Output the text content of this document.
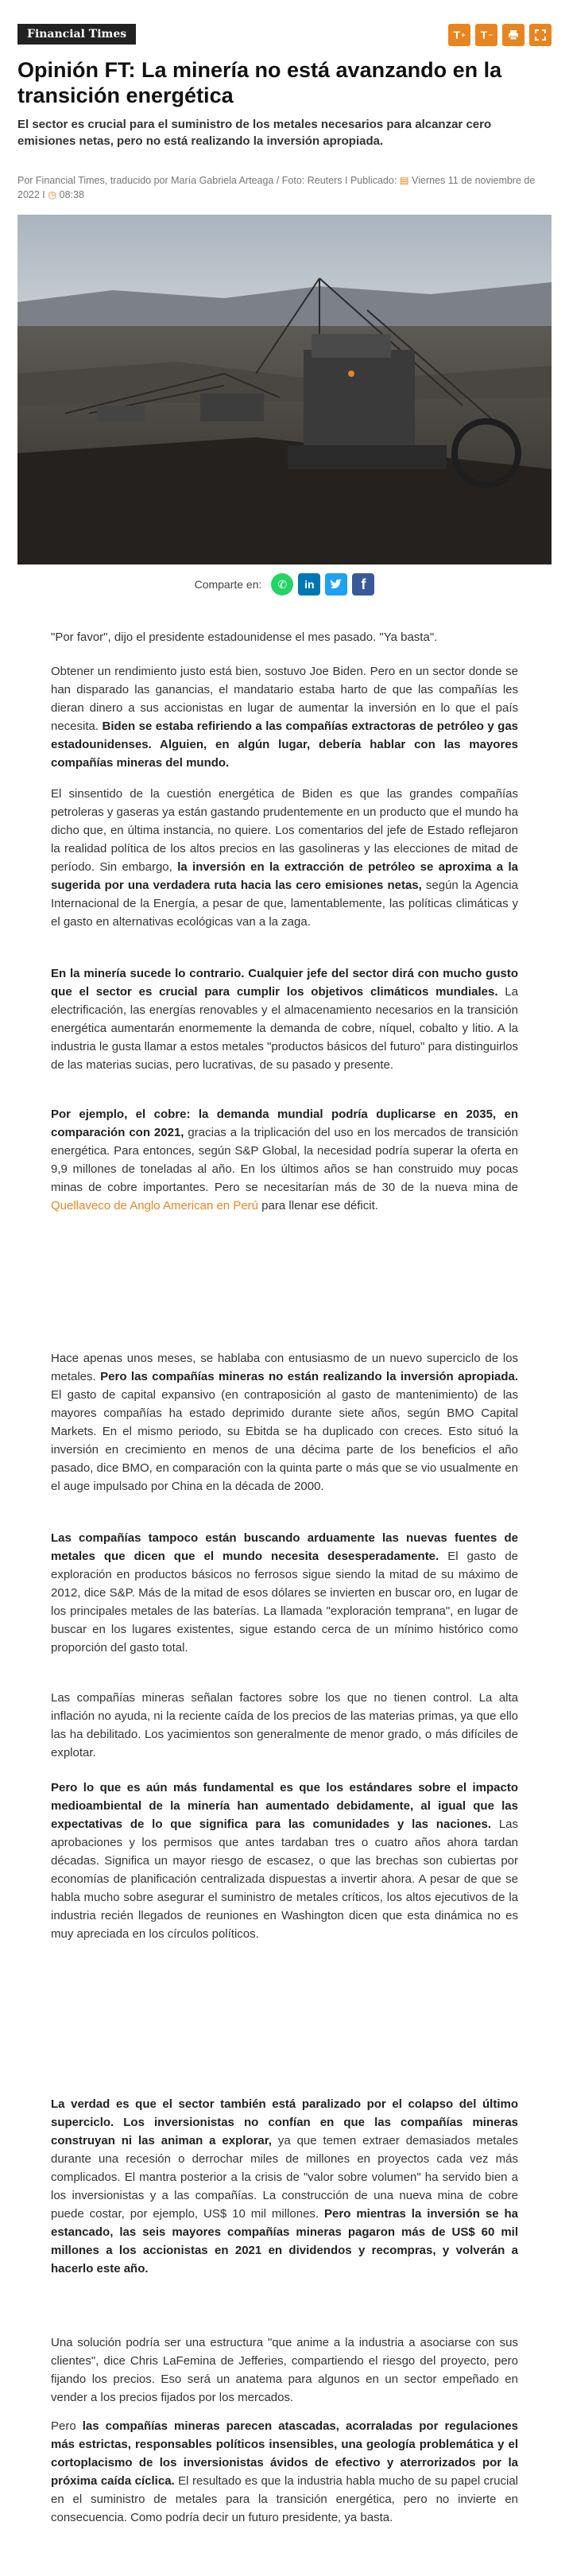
Financial Times	T + T −
Opinión FT: La minería no está avanzando en la transición energética

El sector es crucial para el suministro de los metales necesarios para alcanzar cero emisiones netas, pero no está realizando la inversión apropiada.

Por Financial Times, traducido por María Gabriela Arteaga / Foto: Reuters I Publicado: ▤ Viernes 11 de noviembre de 2022 I ◷ 08:38

Comparte en: ✆ in	f

"Por favor", dijo el presidente estadounidense el mes pasado. "Ya basta".

Obtener un rendimiento justo está bien, sostuvo Joe Biden. Pero en un sector donde se han disparado las ganancias, el mandatario estaba harto de que las compañías les dieran dinero a sus accionistas en lugar de aumentar la inversión en lo que el país necesita. Biden se estaba refiriendo a las compañías extractoras de petróleo y gas estadounidenses. Alguien, en algún lugar, debería hablar con las mayores compañías mineras del mundo.

El sinsentido de la cuestión energética de Biden es que las grandes compañías petroleras y gaseras ya están gastando prudentemente en un producto que el mundo ha dicho que, en última instancia, no quiere. Los comentarios del jefe de Estado reflejaron la realidad política de los altos precios en las gasolineras y las elecciones de mitad de período. Sin embargo, la inversión en la extracción de petróleo se aproxima a la sugerida por una verdadera ruta hacia las cero emisiones netas, según la Agencia Internacional de la Energía, a pesar de que, lamentablemente, las políticas climáticas y el gasto en alternativas ecológicas van a la zaga.

En la minería sucede lo contrario. Cualquier jefe del sector dirá con mucho gusto que el sector es crucial para cumplir los objetivos climáticos mundiales. La electrificación, las energías renovables y el almacenamiento necesarios en la transición energética aumentarán enormemente la demanda de cobre, níquel, cobalto y litio. A la industria le gusta llamar a estos metales "productos básicos del futuro" para distinguirlos de las materias sucias, pero lucrativas, de su pasado y presente.

Por ejemplo, el cobre: la demanda mundial podría duplicarse en 2035, en comparación con 2021, gracias a la triplicación del uso en los mercados de transición energética. Para entonces, según S&P Global, la necesidad podría superar la oferta en 9,9 millones de toneladas al año. En los últimos años se han construido muy pocas minas de cobre importantes. Pero se necesitarían más de 30 de la nueva mina de Quellaveco de Anglo American en Perú para llenar ese déficit.

Hace apenas unos meses, se hablaba con entusiasmo de un nuevo superciclo de los metales. Pero las compañías mineras no están realizando la inversión apropiada. El gasto de capital expansivo (en contraposición al gasto de mantenimiento) de las mayores compañías ha estado deprimido durante siete años, según BMO Capital Markets. En el mismo periodo, su Ebitda se ha duplicado con creces. Esto situó la inversión en crecimiento en menos de una décima parte de los beneficios el año pasado, dice BMO, en comparación con la quinta parte o más que se vio usualmente en el auge impulsado por China en la década de 2000.

Las compañías tampoco están buscando arduamente las nuevas fuentes de metales que dicen que el mundo necesita desesperadamente. El gasto de exploración en productos básicos no ferrosos sigue siendo la mitad de su máximo de 2012, dice S&P. Más de la mitad de esos dólares se invierten en buscar oro, en lugar de los principales metales de las baterías. La llamada "exploración temprana", en lugar de buscar en los lugares existentes, sigue estando cerca de un mínimo histórico como proporción del gasto total.

Las compañías mineras señalan factores sobre los que no tienen control. La alta inflación no ayuda, ni la reciente caída de los precios de las materias primas, ya que ello las ha debilitado. Los yacimientos son generalmente de menor grado, o más difíciles de explotar.

Pero lo que es aún más fundamental es que los estándares sobre el impacto medioambiental de la minería han aumentado debidamente, al igual que las expectativas de lo que significa para las comunidades y las naciones. Las aprobaciones y los permisos que antes tardaban tres o cuatro años ahora tardan décadas. Significa un mayor riesgo de escasez, o que las brechas son cubiertas por economías de planificación centralizada dispuestas a invertir ahora. A pesar de que se habla mucho sobre asegurar el suministro de metales críticos, los altos ejecutivos de la industria recién llegados de reuniones en Washington dicen que esta dinámica no es muy apreciada en los círculos políticos.

La verdad es que el sector también está paralizado por el colapso del último superciclo. Los inversionistas no confían en que las compañías mineras construyan ni las animan a explorar, ya que temen extraer demasiados metales durante una recesión o derrochar miles de millones en proyectos cada vez más complicados. El mantra posterior a la crisis de "valor sobre volumen" ha servido bien a los inversionistas y a las compañías. La construcción de una nueva mina de cobre puede costar, por ejemplo, US$ 10 mil millones. Pero mientras la inversión se ha estancado, las seis mayores compañías mineras pagaron más de US$ 60 mil millones a los accionistas en 2021 en dividendos y recompras, y volverán a hacerlo este año.

Una solución podría ser una estructura "que anime a la industria a asociarse con sus clientes", dice Chris LaFemina de Jefferies, compartiendo el riesgo del proyecto, pero fijando los precios. Eso será un anatema para algunos en un sector empeñado en vender a los precios fijados por los mercados.

Pero las compañías mineras parecen atascadas, acorraladas por regulaciones más estrictas, responsables políticos insensibles, una geología problemática y el cortoplacismo de los inversionistas ávidos de efectivo y aterrorizados por la próxima caída cíclica. El resultado es que la industria habla mucho de su papel crucial en el suministro de metales para la transición energética, pero no invierte en consecuencia. Como podría decir un futuro presidente, ya basta.
